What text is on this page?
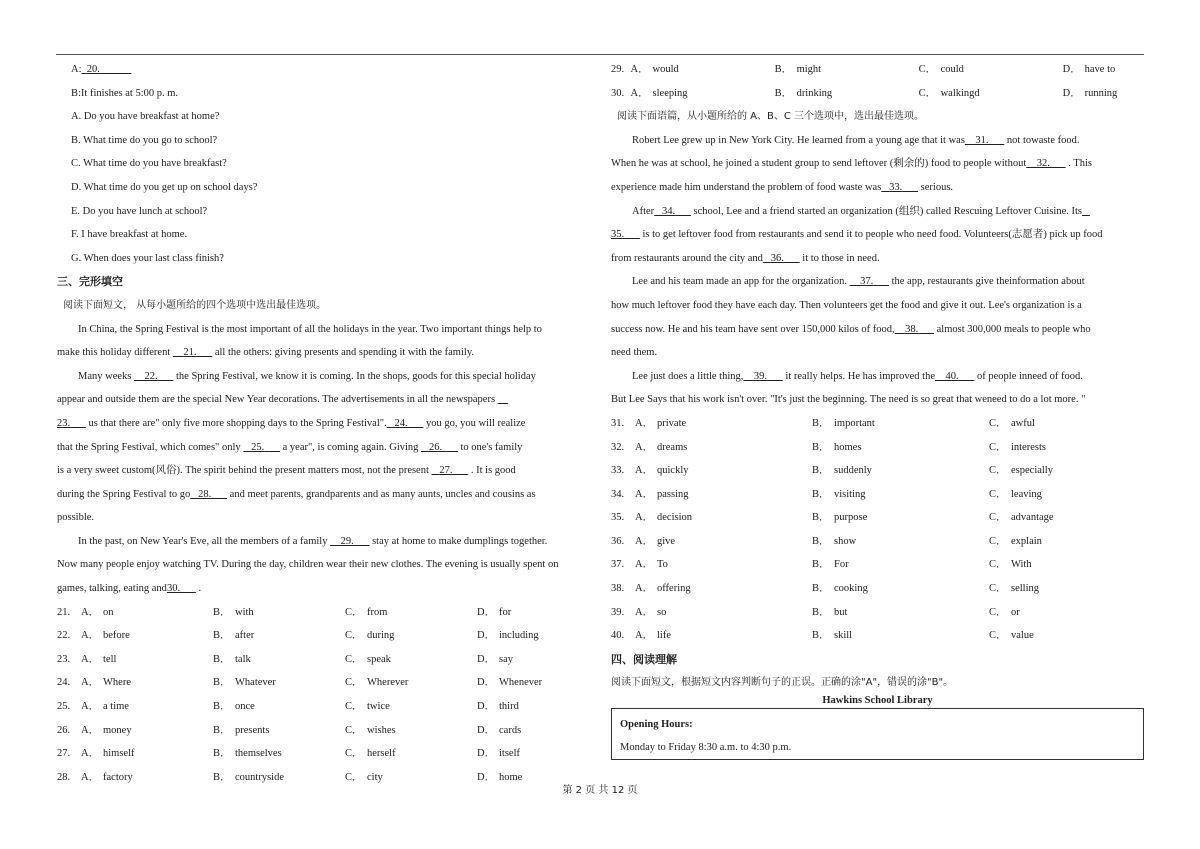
A: 20.
B:It finishes at 5:00 p. m.
A. Do you have breakfast at home?
B. What time do you go to school?
C. What time do you have breakfast?
D. What time do you get up on school days?
E. Do you have lunch at school?
F. I have breakfast at home.
G. When does your last class finish?
三、完形填空
阅读下面短文， 从每小题所给的四个选项中选出最佳选项。
In China, the Spring Festival is the most important of all the holidays in the year. Two important things help to
make this holiday different     21.       all the others: giving presents and spending it with the family.
Many weeks     22.       the Spring Festival, we know it is coming. In the shops, goods for this special holiday
appear and outside them are the special New Year decorations. The advertisements in all the newspapers
23.       us that there are" only five more shopping days to the Spring Festival". 24.       you go, you will realize
that the Spring Festival, which comes" only    25.       a year", is coming again. Giving    26.       to one's family
is a very sweet custom(风俗). The spirit behind the present matters most, not the present    27.       . It is good
during the Spring Festival to go 28.       and meet parents, grandparents and as many aunts, uncles and cousins as
possible.
In the past, on New Year's Eve, all the members of a family     29.       stay at home to make dumplings together.
Now many people enjoy watching TV. During the day, children wear their new clothes. The evening is usually spent on
games, talking, eating and30.       .
21.	A． on	B． with	C． from	D． for
22.	A． before	B． after	C． during	D． including
23.	A． tell	B． talk	C． speak	D． say
24.	A． Where	B． Whatever	C． Wherever	D． Whenever
25.	A． a time	B． once	C． twice	D． third
26.	A． money	B． presents	C． wishes	D． cards
27.	A． himself	B． themselves	C． herself	D． itself
28.	A． factory	B． countryside	C． city	D． home
29. A． would	B． might	C． could	D． have to
30. A． sleeping	B． drinking	C． walkingd	D． running
阅读下面语篇，从小题所给的 A、B、C 三个选项中，选出最佳选项。
Robert Lee grew up in New York City. He learned from a young age that it was 31.       not towaste food.
When he was at school, he joined a student group to send leftover (剩余的) food to people without 32.       . This
experience made him understand the problem of food waste was 33.       serious.
After 34.       school, Lee and a friend started an organization (组织) called Rescuing Leftover Cuisine. Its
35.       is to get leftover food from restaurants and send it to people who need food. Volunteers(志愿者) pick up food
from restaurants around the city and 36.       it to those in need.
Lee and his team made an app for the organization.     37.       the app, restaurants give theinformation about
how much leftover food they have each day. Then volunteers get the food and give it out. Lee's organization is a
success now. He and his team have sent over 150,000 kilos of food, 38.       almost 300,000 meals to people who
need them.
Lee just does a little thing, 39.       it really helps. He has improved the 40.       of people inneed of food.
But Lee Says that his work isn't over. "It's just the beginning. The need is so great that weneed to do a lot more. "
31.	A． private	B． important	C． awful
32.	A． dreams	B． homes	C． interests
33.	A． quickly	B． suddenly	C． especially
34.	A． passing	B． visiting	C． leaving
35.	A． decision	B． purpose	C． advantage
36.	A． give	B． show	C． explain
37.	A． To	B． For	C． With
38.	A． offering	B． cooking	C． selling
39.	A． so	B． but	C． or
40.	A． life	B． skill	C． value
四、阅读理解
阅读下面短文，根据短文内容判断句子的正误。正确的涂"A"，错误的涂"B"。
Hawkins School Library
Opening Hours:
Monday to Friday 8:30 a.m. to 4:30 p.m.
第 2 页 共 12 页
